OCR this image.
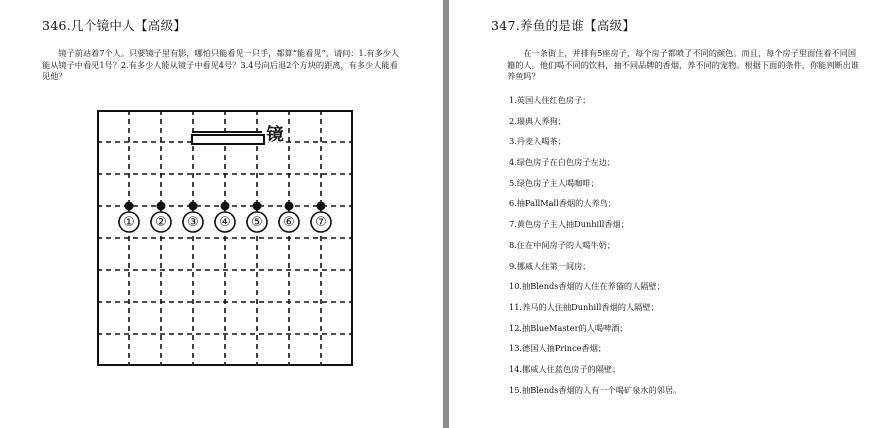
346.几个镜中人【高级】

镜子前站着7个人。只要镜子里有影，哪怕只能看见一只手，都算“能看见”，请问：1.有多少人能从镜子中看见1号？2.有多少人能从镜子中看见4号？3.4号向后退2个方块的距离，有多少人能看见他？

镜
① ② ③ ④ ⑤ ⑥ ⑦
347.养鱼的是谁【高级】

在一条街上，并排有5座房子，每个房子都喷了不同的颜色。而且，每个房子里面住着不同国籍的人。他们喝不同的饮料，抽不同品牌的香烟，养不同的宠物。根据下面的条件，你能判断出谁养鱼吗？

1.英国人住红色房子；
2.瑞典人养狗；
3.丹麦人喝茶；
4.绿色房子在白色房子左边；
5.绿色房子主人喝咖啡；
6.抽PallMall香烟的人养鸟；
7.黄色房子主人抽Dunhill香烟；
8.住在中间房子的人喝牛奶；
9.挪威人住第一间房；
10.抽Blends香烟的人住在养猫的人隔壁；
11.养马的人住抽Dunhill香烟的人隔壁；
12.抽BlueMaster的人喝啤酒；
13.德国人抽Prince香烟；
14.挪威人住蓝色房子的隔壁；
15.抽Blends香烟的人有一个喝矿泉水的邻居。
